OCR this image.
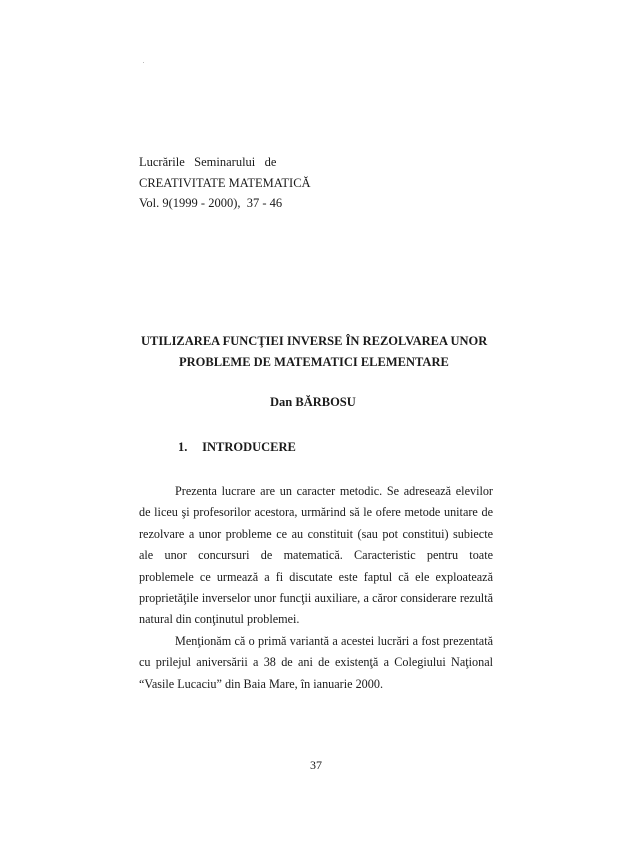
Lucrările   Seminarului   de
CREATIVITATE MATEMATICĂ
Vol. 9(1999 - 2000),  37 - 46
UTILIZAREA FUNCŢIEI INVERSE ÎN REZOLVAREA UNOR
PROBLEME DE MATEMATICI ELEMENTARE
Dan BĂRBOSU
1. INTRODUCERE

Prezenta lucrare are un caracter metodic. Se adresează elevilor de liceu şi profesorilor acestora, urmărind să le ofere metode unitare de rezolvare a unor probleme ce au constituit (sau pot constitui) subiecte ale unor concursuri de matematică. Caracteristic pentru toate problemele ce urmează a fi discutate este faptul că ele exploatează proprietăţile inverselor unor funcţii auxiliare, a căror considerare rezultă natural din conţinutul problemei.

Menţionăm că o primă variantă a acestei lucrări a fost prezentată cu prilejul aniversării a 38 de ani de existenţă a Colegiului Naţional “Vasile Lucaciu” din Baia Mare, în ianuarie 2000.

37
